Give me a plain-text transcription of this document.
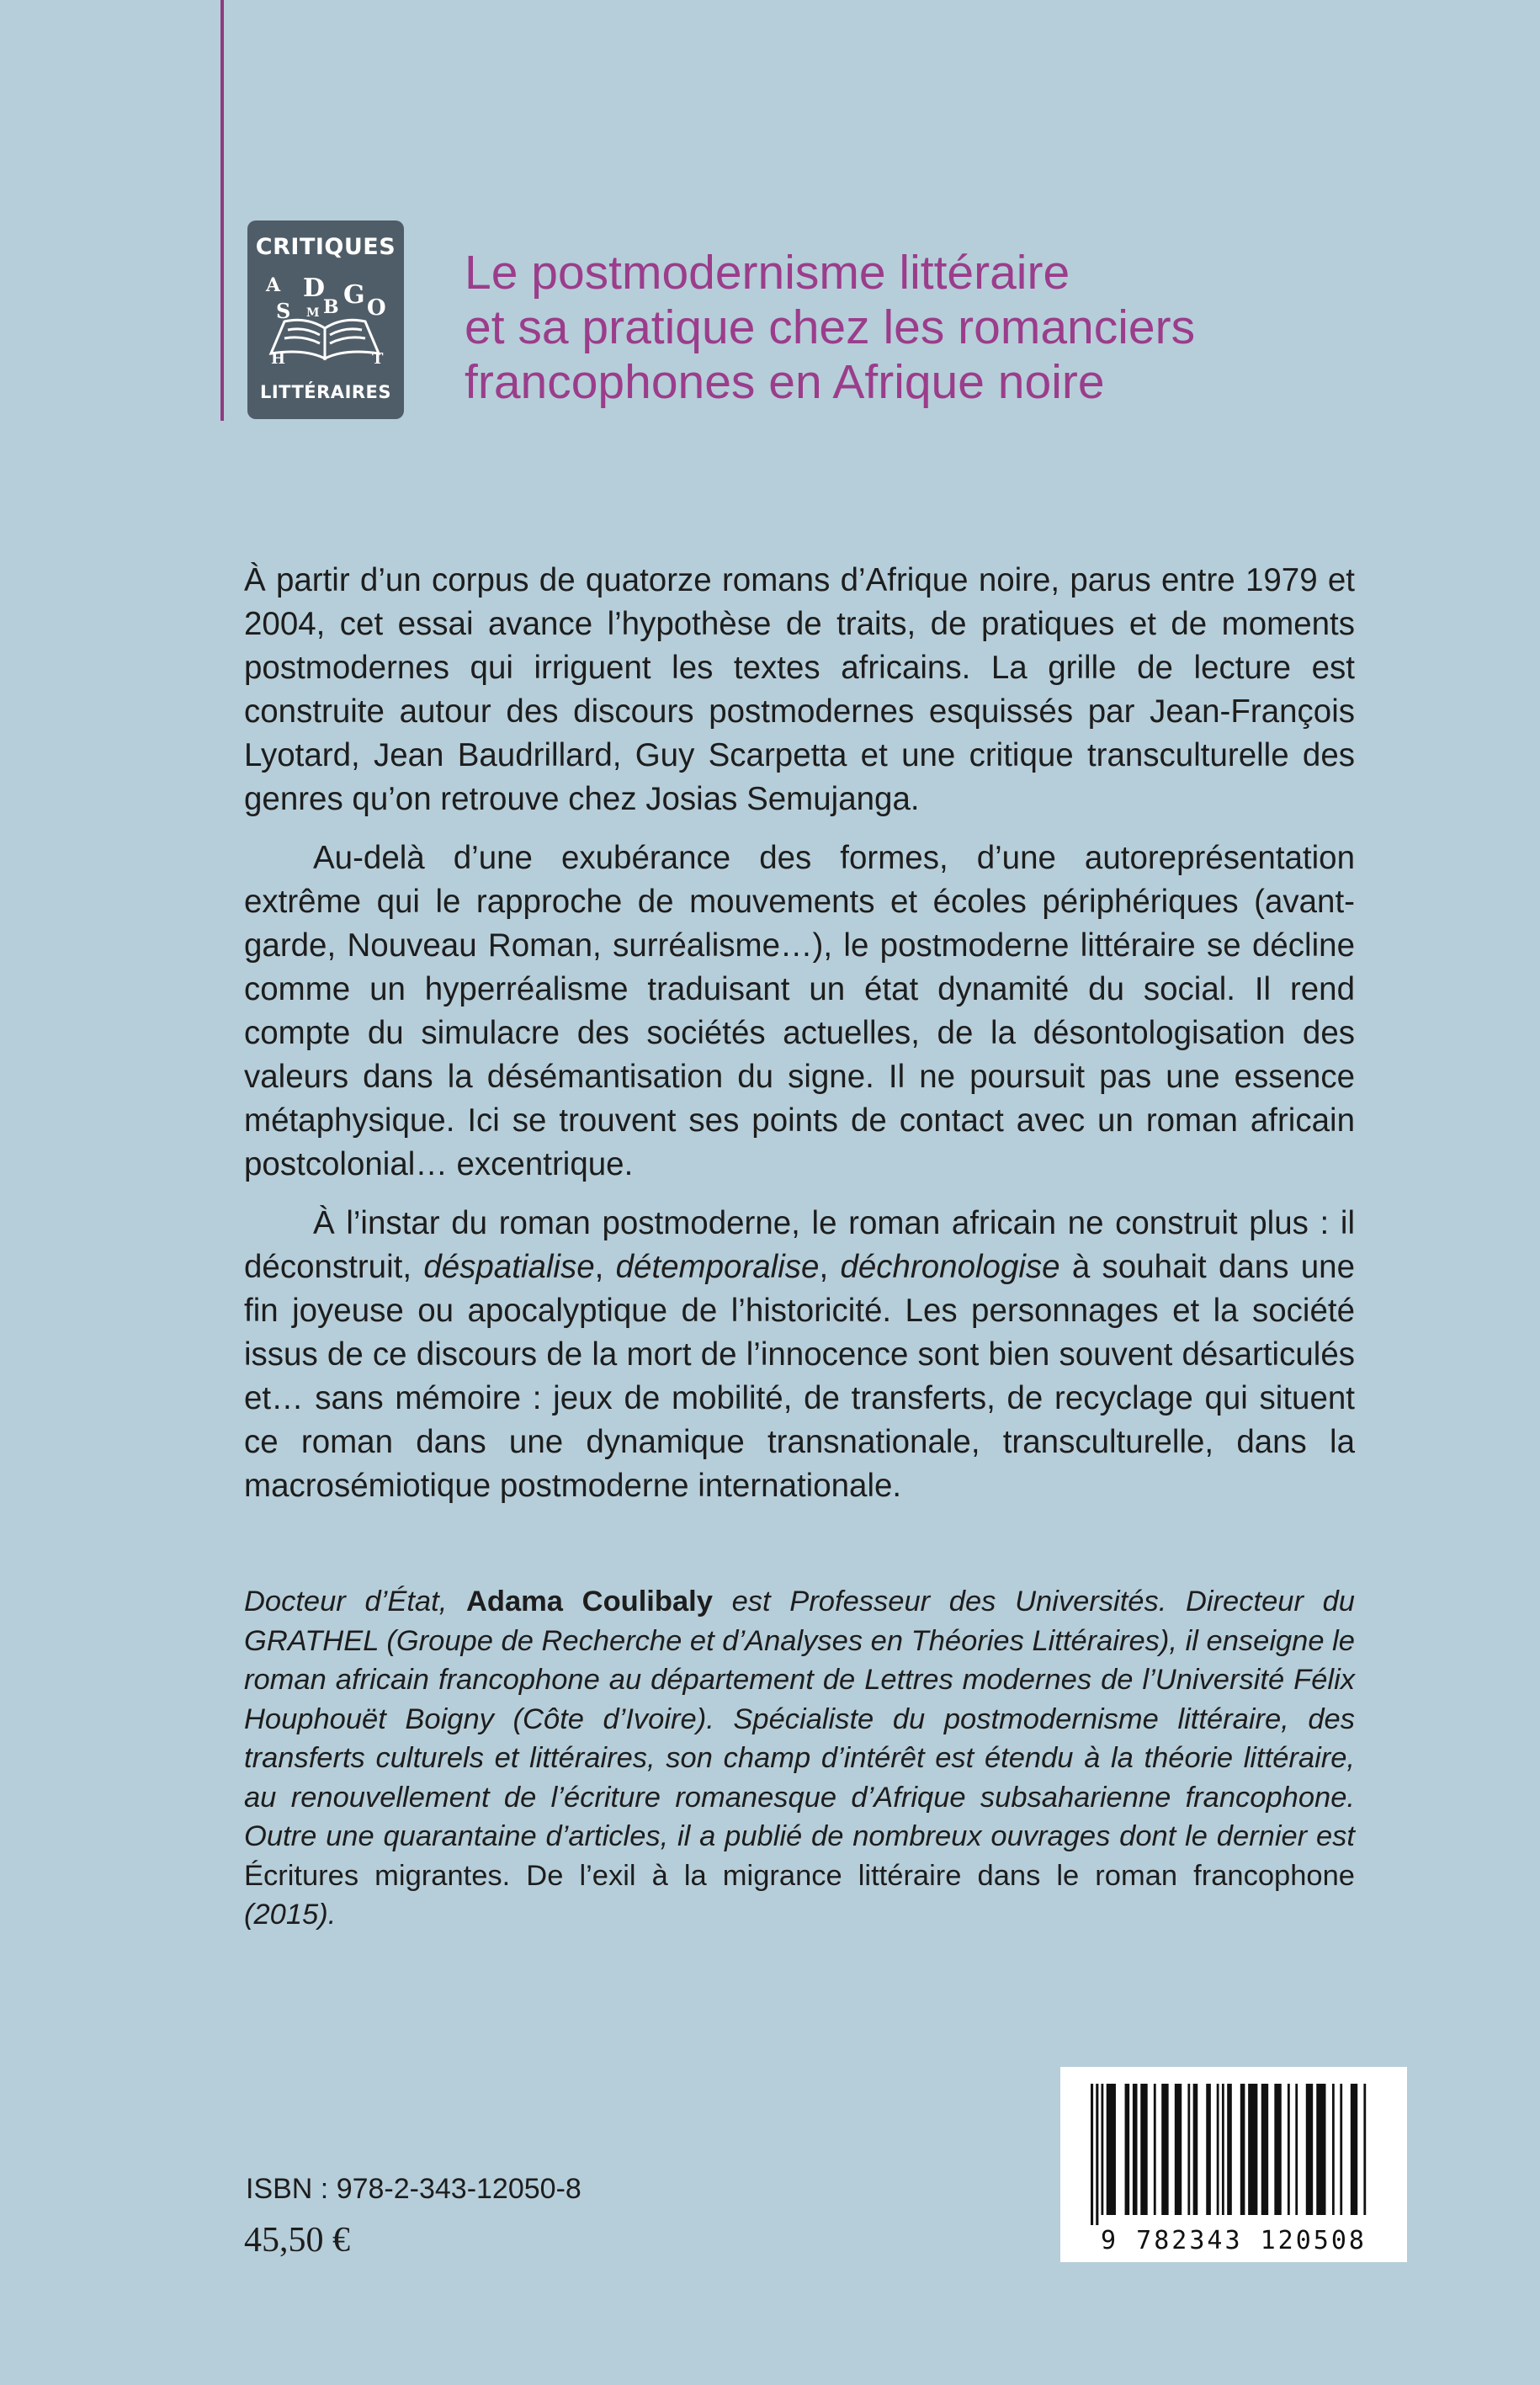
CRITIQUES
A D
S B G O
M
H	T
LITTÉRAIRES
Le postmodernisme littéraire
et sa pratique chez les romanciers
francophones en Afrique noire

À partir d’un corpus de quatorze romans d’Afrique noire, parus entre 1979 et 2004, cet essai avance l’hypothèse de traits, de pratiques et de moments postmodernes qui irriguent les textes africains. La grille de lecture est construite autour des discours postmodernes esquissés par Jean-François Lyotard, Jean Baudrillard, Guy Scarpetta et une critique transculturelle des genres qu’on retrouve chez Josias Semujanga.

Au-delà d’une exubérance des formes, d’une autoreprésentation extrême qui le rapproche de mouvements et écoles périphériques (avant-garde, Nouveau Roman, surréalisme…), le postmoderne littéraire se décline comme un hyperréalisme traduisant un état dynamité du social. Il rend compte du simulacre des sociétés actuelles, de la désontologisation des valeurs dans la désémantisation du signe. Il ne poursuit pas une essence métaphysique. Ici se trouvent ses points de contact avec un roman africain postcolonial… excentrique.

À l’instar du roman postmoderne, le roman africain ne construit plus : il déconstruit, déspatialise, détemporalise, déchronologise à souhait dans une fin joyeuse ou apocalyptique de l’historicité. Les personnages et la société issus de ce discours de la mort de l’innocence sont bien souvent désarticulés et… sans mémoire : jeux de mobilité, de transferts, de recyclage qui situent ce roman dans une dynamique transnationale, transculturelle, dans la macrosémiotique postmoderne internationale.

Docteur d’État, Adama Coulibaly est Professeur des Universités. Directeur du GRATHEL (Groupe de Recherche et d’Analyses en Théories Littéraires), il enseigne le roman africain francophone au département de Lettres modernes de l’Université Félix Houphouët Boigny (Côte d’Ivoire). Spécialiste du postmodernisme littéraire, des transferts culturels et littéraires, son champ d’intérêt est étendu à la théorie littéraire, au renouvellement de l’écriture romanesque d’Afrique subsaharienne francophone. Outre une quarantaine d’articles, il a publié de nombreux ouvrages dont le dernier est Écritures migrantes. De l’exil à la migrance littéraire dans le roman francophone (2015).
ISBN : 978-2-343-12050-8
45,50 €	9 782343 120508
